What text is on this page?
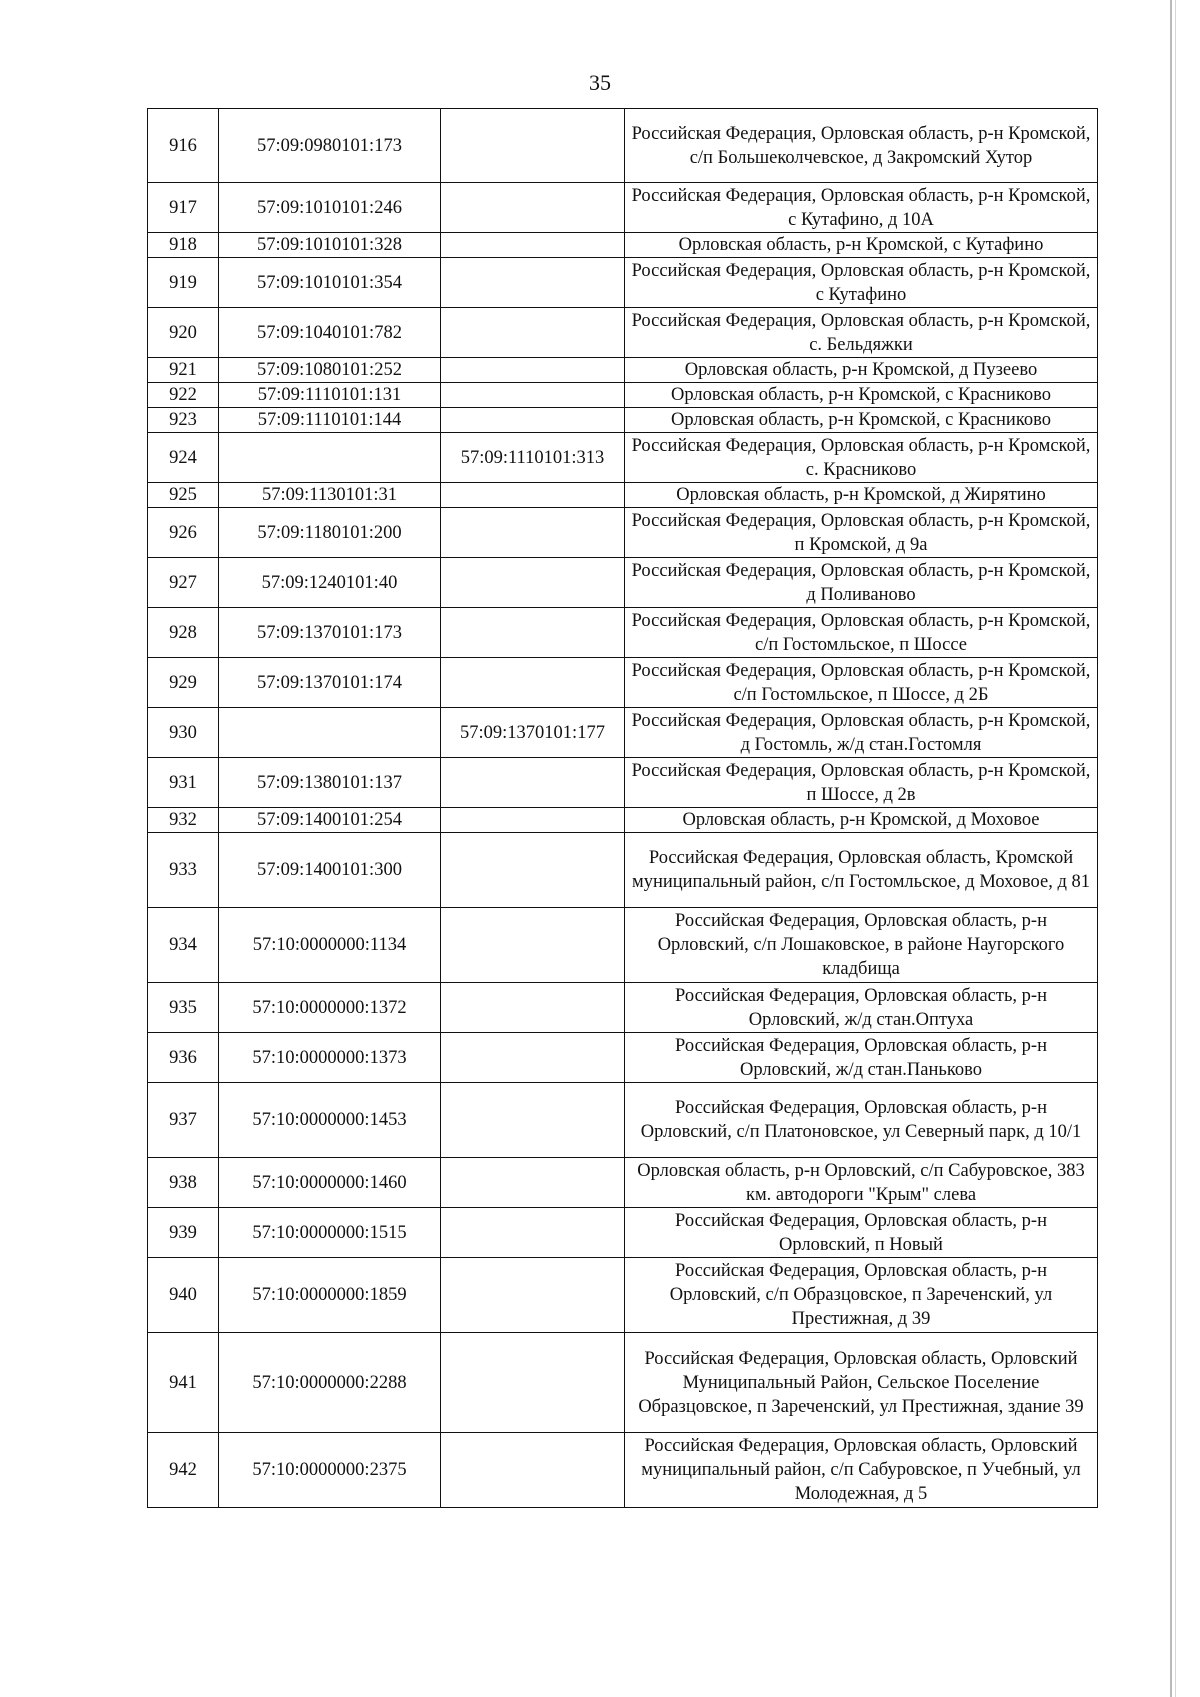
35
916	57:09:0980101:173		Российская Федерация, Орловская область, р-н Кромской, с/п Большеколчевское, д Закромский Хутор
917	57:09:1010101:246		Российская Федерация, Орловская область, р-н Кромской, с Кутафино, д 10А
918	57:09:1010101:328		Орловская область, р-н Кромской, с Кутафино
919	57:09:1010101:354		Российская Федерация, Орловская область, р-н Кромской, с Кутафино
920	57:09:1040101:782		Российская Федерация, Орловская область, р-н Кромской, с. Бельдяжки
921	57:09:1080101:252		Орловская область, р-н Кромской, д Пузеево
922	57:09:1110101:131		Орловская область, р-н Кромской, с Красниково
923	57:09:1110101:144		Орловская область, р-н Кромской, с Красниково
924		57:09:1110101:313	Российская Федерация, Орловская область, р-н Кромской, с. Красниково
925	57:09:1130101:31		Орловская область, р-н Кромской, д Жирятино
926	57:09:1180101:200		Российская Федерация, Орловская область, р-н Кромской, п Кромской, д 9а
927	57:09:1240101:40		Российская Федерация, Орловская область, р-н Кромской, д Поливаново
928	57:09:1370101:173		Российская Федерация, Орловская область, р-н Кромской, с/п Гостомльское, п Шоссе
929	57:09:1370101:174		Российская Федерация, Орловская область, р-н Кромской, с/п Гостомльское, п Шоссе, д 2Б
930		57:09:1370101:177	Российская Федерация, Орловская область, р-н Кромской, д Гостомль, ж/д стан.Гостомля
931	57:09:1380101:137		Российская Федерация, Орловская область, р-н Кромской, п Шоссе, д 2в
932	57:09:1400101:254		Орловская область, р-н Кромской, д Моховое
933	57:09:1400101:300		Российская Федерация, Орловская область, Кромской муниципальный район, с/п Гостомльское, д Моховое, д 81
934	57:10:0000000:1134		Российская Федерация, Орловская область, р-н Орловский, с/п Лошаковское, в районе Наугорского кладбища
935	57:10:0000000:1372		Российская Федерация, Орловская область, р-н Орловский, ж/д стан.Оптуха
936	57:10:0000000:1373		Российская Федерация, Орловская область, р-н Орловский, ж/д стан.Паньково
937	57:10:0000000:1453		Российская Федерация, Орловская область, р-н Орловский, с/п Платоновское, ул Северный парк, д 10/1
938	57:10:0000000:1460		Орловская область, р-н Орловский, с/п Сабуровское, 383 км. автодороги "Крым" слева
939	57:10:0000000:1515		Российская Федерация, Орловская область, р-н Орловский, п Новый
940	57:10:0000000:1859		Российская Федерация, Орловская область, р-н Орловский, с/п Образцовское, п Зареченский, ул Престижная, д 39
941	57:10:0000000:2288		Российская Федерация, Орловская область, Орловский Муниципальный Район, Сельское Поселение Образцовское, п Зареченский, ул Престижная, здание 39
942	57:10:0000000:2375		Российская Федерация, Орловская область, Орловский муниципальный район, с/п Сабуровское, п Учебный, ул Молодежная, д 5
